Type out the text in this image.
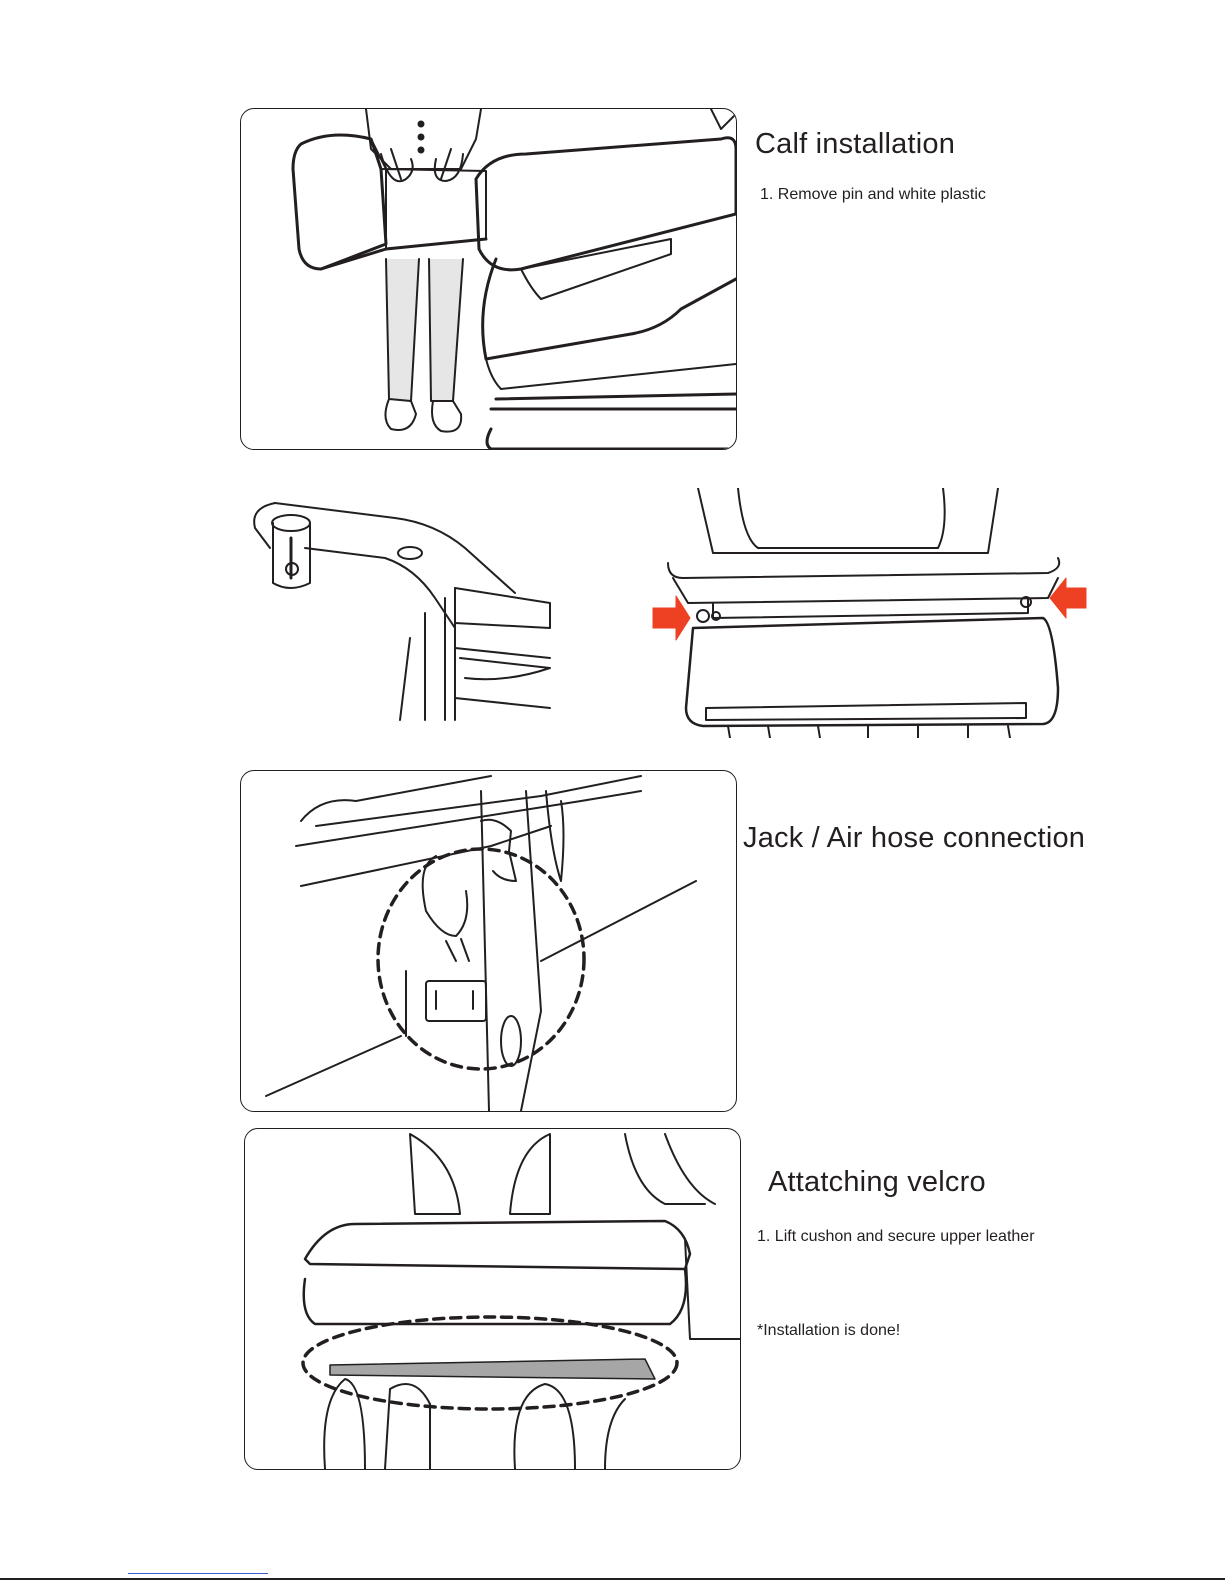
Calf installation
1. Remove pin and white plastic
Jack / Air hose connection
Attatching velcro
1. Lift cushon and secure upper leather
*Installation is done!
